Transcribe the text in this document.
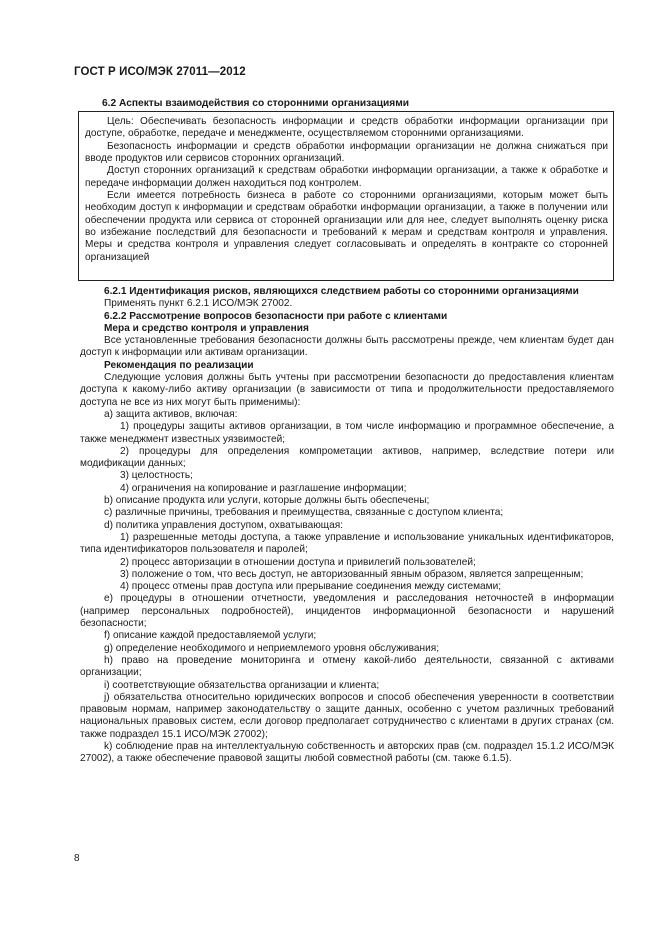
ГОСТ Р ИСО/МЭК 27011—2012
6.2 Аспекты взаимодействия со сторонними организациями

Цель: Обеспечивать безопасность информации и средств обработки информации организации при доступе, обработке, передаче и менеджменте, осуществляемом сторонними организациями.

Безопасность информации и средств обработки информации организации не должна снижаться при вводе продуктов или сервисов сторонних организаций.

Доступ сторонних организаций к средствам обработки информации организации, а также к обработке и передаче информации должен находиться под контролем.

Если имеется потребность бизнеса в работе со сторонними организациями, которым может быть необходим доступ к информации и средствам обработки информации организации, а также в получении или обеспечении продукта или сервиса от сторонней организации или для нее, следует выполнять оценку риска во избежание последствий для безопасности и требований к мерам и средствам контроля и управления. Меры и средства контроля и управления следует согласовывать и определять в контракте со сторонней организацией

6.2.1 Идентификация рисков, являющихся следствием работы со сторонними организациями

Применять пункт 6.2.1 ИСО/МЭК 27002.

6.2.2 Рассмотрение вопросов безопасности при работе с клиентами

Мера и средство контроля и управления

Все установленные требования безопасности должны быть рассмотрены прежде, чем клиентам будет дан доступ к информации или активам организации.

Рекомендация по реализации

Следующие условия должны быть учтены при рассмотрении безопасности до предоставления клиентам доступа к какому-либо активу организации (в зависимости от типа и продолжительности предоставляемого доступа не все из них могут быть применимы):

a) защита активов, включая:

1) процедуры защиты активов организации, в том числе информацию и программное обеспечение, а также менеджмент известных уязвимостей;

2) процедуры для определения компрометации активов, например, вследствие потери или модификации данных;

3) целостность;

4) ограничения на копирование и разглашение информации;

b) описание продукта или услуги, которые должны быть обеспечены;

c) различные причины, требования и преимущества, связанные с доступом клиента;

d) политика управления доступом, охватывающая:

1) разрешенные методы доступа, а также управление и использование уникальных идентификаторов, типа идентификаторов пользователя и паролей;

2) процесс авторизации в отношении доступа и привилегий пользователей;

3) положение о том, что весь доступ, не авторизованный явным образом, является запрещенным;

4) процесс отмены прав доступа или прерывание соединения между системами;

e) процедуры в отношении отчетности, уведомления и расследования неточностей в информации (например персональных подробностей), инцидентов информационной безопасности и нарушений безопасности;

f) описание каждой предоставляемой услуги;

g) определение необходимого и неприемлемого уровня обслуживания;

h) право на проведение мониторинга и отмену какой-либо деятельности, связанной с активами организации;

i) соответствующие обязательства организации и клиента;

j) обязательства относительно юридических вопросов и способ обеспечения уверенности в соответствии правовым нормам, например законодательству о защите данных, особенно с учетом различных требований национальных правовых систем, если договор предполагает сотрудничество с клиентами в других странах (см. также подраздел 15.1 ИСО/МЭК 27002);

k) соблюдение прав на интеллектуальную собственность и авторских прав (см. подраздел 15.1.2 ИСО/МЭК 27002), а также обеспечение правовой защиты любой совместной работы (см. также 6.1.5).

8
